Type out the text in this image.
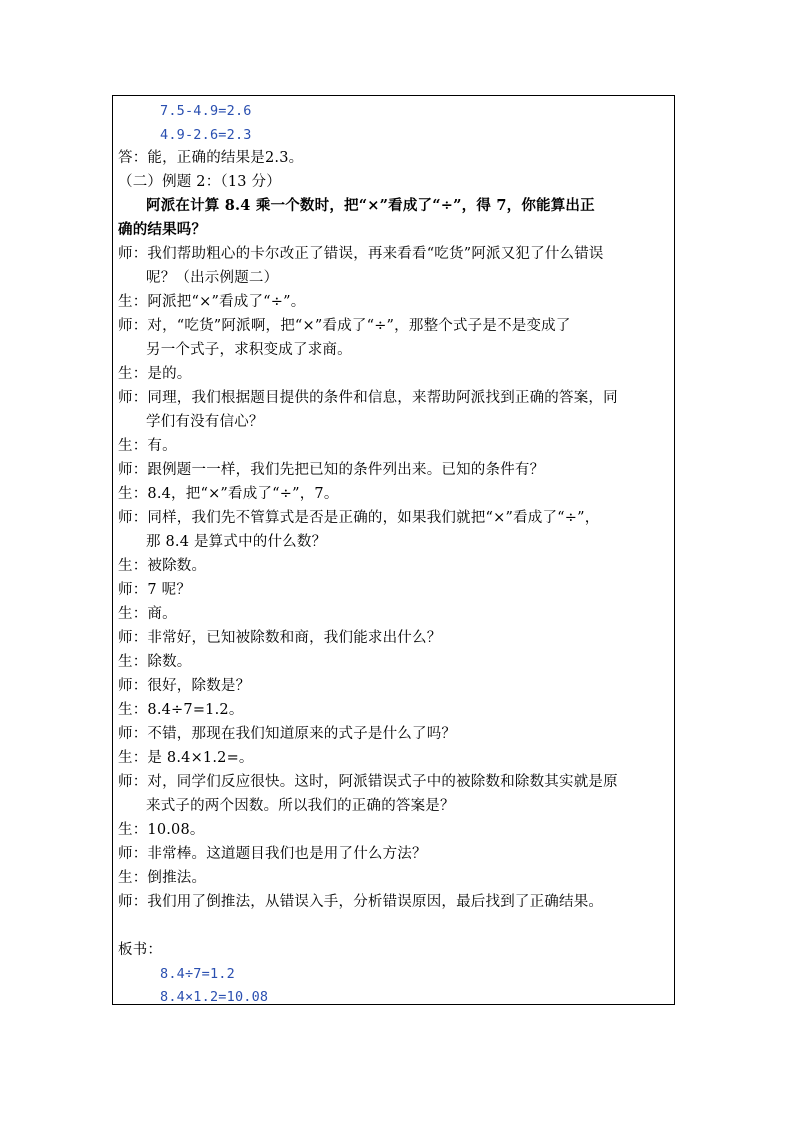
7.5-4.9=2.6
4.9-2.6=2.3
答：能，正确的结果是2.3。
（二）例题 2：（13 分）
阿派在计算 8.4 乘一个数时，把“×”看成了“÷”，得 7，你能算出正
确的结果吗？
师：我们帮助粗心的卡尔改正了错误，再来看看“吃货”阿派又犯了什么错误
呢？（出示例题二）
生：阿派把“×”看成了“÷”。
师：对，“吃货”阿派啊，把“×”看成了“÷”，那整个式子是不是变成了
另一个式子，求积变成了求商。
生：是的。
师：同理，我们根据题目提供的条件和信息，来帮助阿派找到正确的答案，同
学们有没有信心？
生：有。
师：跟例题一一样，我们先把已知的条件列出来。已知的条件有？
生：8.4，把“×”看成了“÷”，7。
师：同样，我们先不管算式是否是正确的，如果我们就把“×”看成了“÷”，
那 8.4 是算式中的什么数？
生：被除数。
师：7 呢？
生：商。
师：非常好，已知被除数和商，我们能求出什么？
生：除数。
师：很好，除数是？
生：8.4÷7=1.2。
师：不错，那现在我们知道原来的式子是什么了吗？
生：是 8.4×1.2=。
师：对，同学们反应很快。这时，阿派错误式子中的被除数和除数其实就是原
来式子的两个因数。所以我们的正确的答案是？
生：10.08。
师：非常棒。这道题目我们也是用了什么方法？
生：倒推法。
师：我们用了倒推法，从错误入手，分析错误原因，最后找到了正确结果。
板书：
8.4÷7=1.2
8.4×1.2=10.08
